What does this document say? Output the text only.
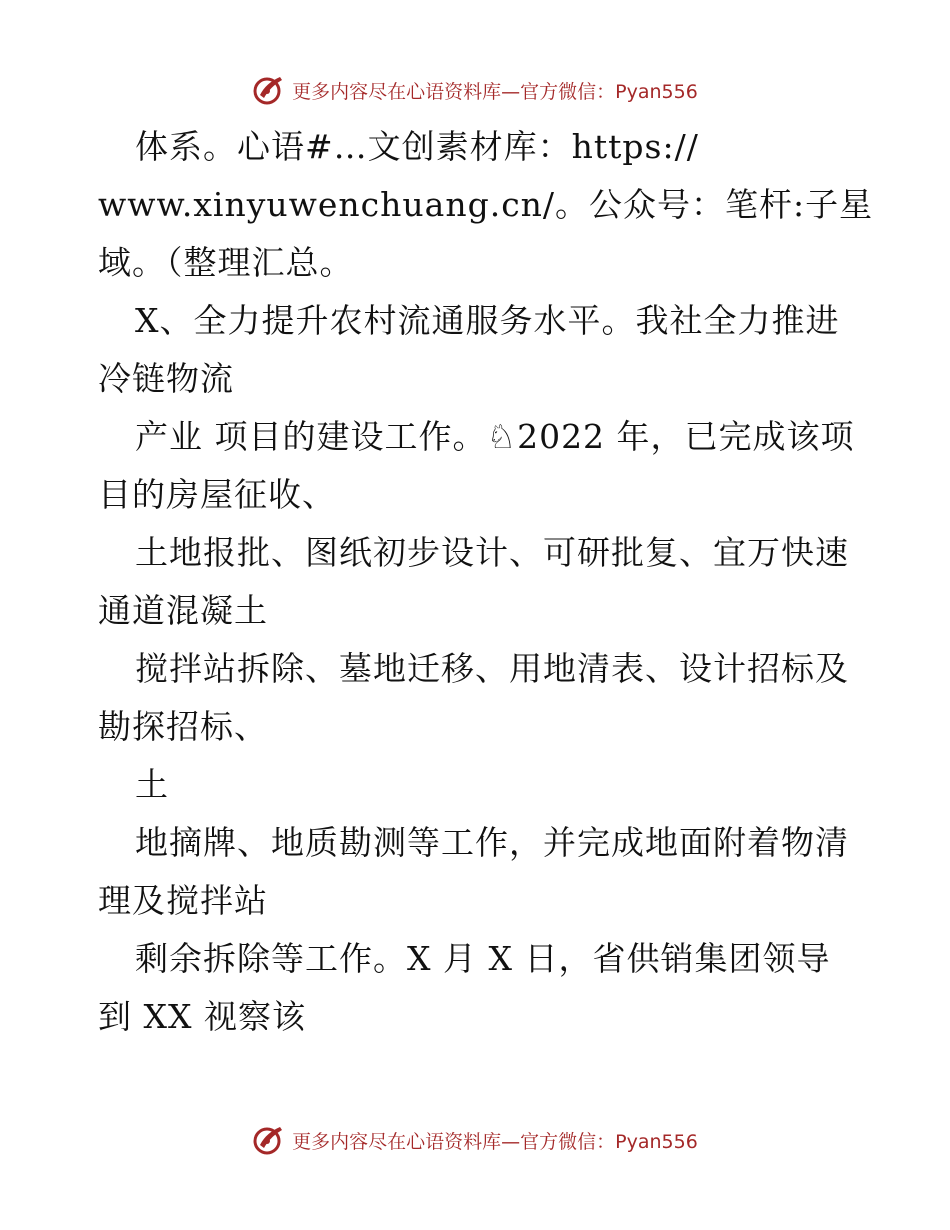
更多内容尽在心语资料库—官方微信：Pyan556
体系。心语#…文创素材库：https://
www.xinyuwenchuang.cn/。公众号：笔杆:子星
域。（整理汇总。
X、全力提升农村流通服务水平。我社全力推进
冷链物流
产业 项目的建设工作。♘2022 年，已完成该项
目的房屋征收、
土地报批、图纸初步设计、可研批复、宜万快速
通道混凝土
搅拌站拆除、墓地迁移、用地清表、设计招标及
勘探招标、
土
地摘牌、地质勘测等工作，并完成地面附着物清
理及搅拌站
剩余拆除等工作。X 月 X 日，省供销集团领导
到 XX 视察该
更多内容尽在心语资料库—官方微信：Pyan556
